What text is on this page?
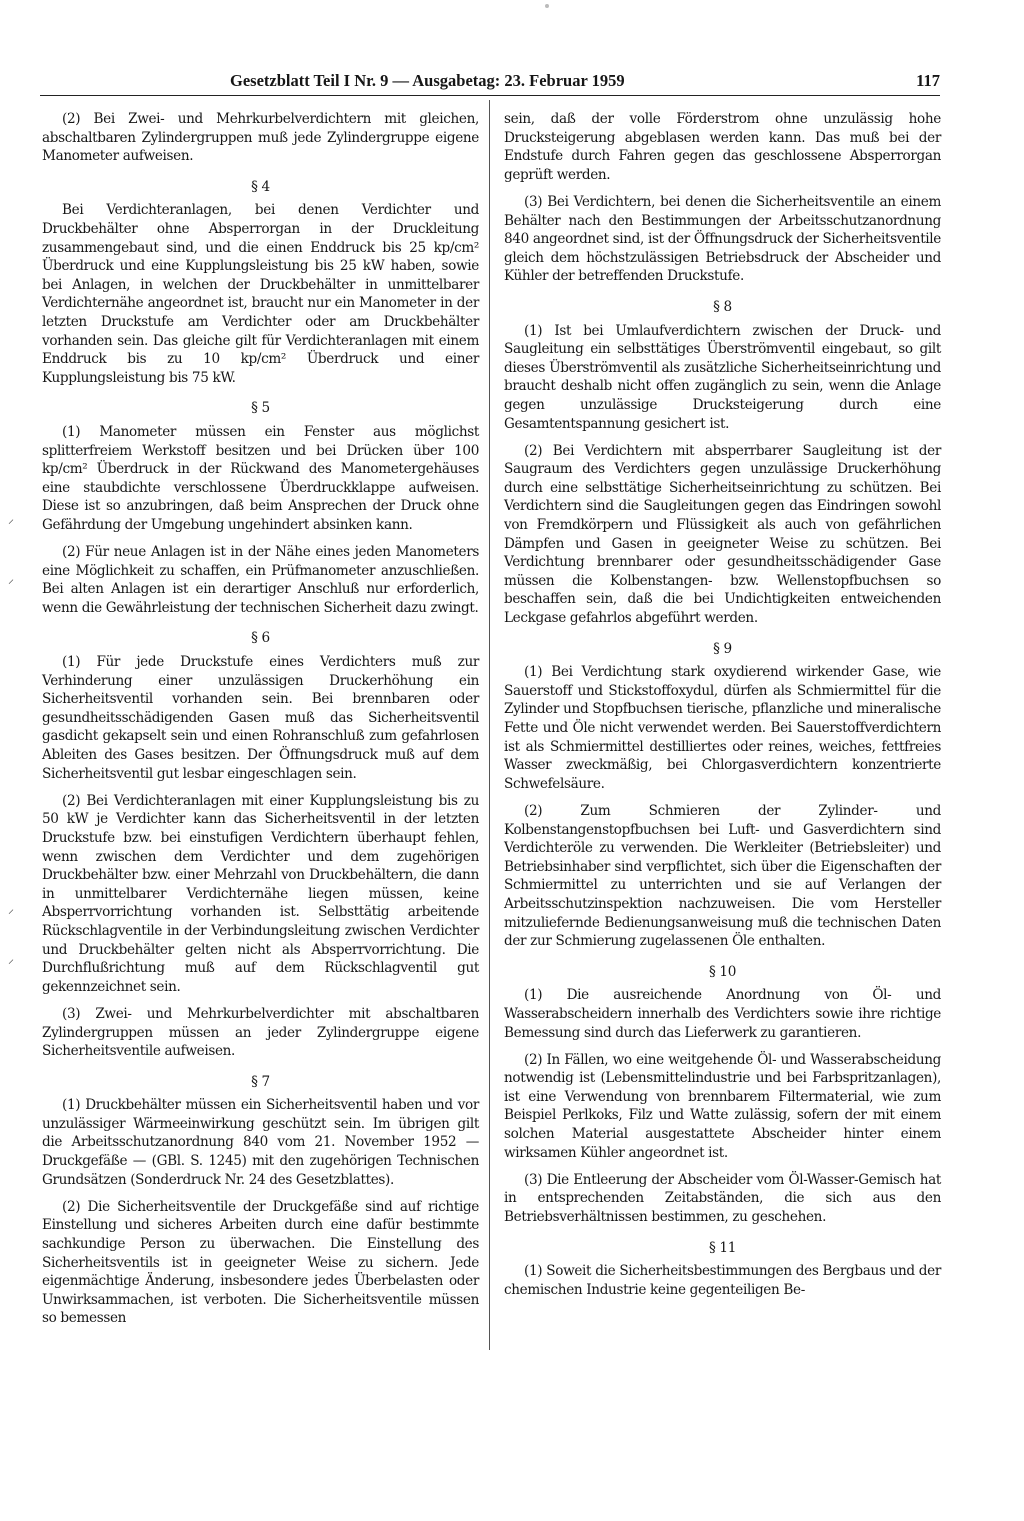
Gesetzblatt Teil I Nr. 9 — Ausgabetag: 23. Februar 1959	117
(2) Bei Zwei- und Mehrkurbelverdichtern mit gleichen, abschaltbaren Zylindergruppen muß jede Zylindergruppe eigene Manometer aufweisen.
§ 4
Bei Verdichteranlagen, bei denen Verdichter und Druckbehälter ohne Absperrorgan in der Druckleitung zusammengebaut sind, und die einen Enddruck bis 25 kp/cm² Überdruck und eine Kupplungsleistung bis 25 kW haben, sowie bei Anlagen, in welchen der Druckbehälter in unmittelbarer Verdichternähe angeordnet ist, braucht nur ein Manometer in der letzten Druckstufe am Verdichter oder am Druckbehälter vorhanden sein. Das gleiche gilt für Verdichteranlagen mit einem Enddruck bis zu 10 kp/cm² Überdruck und einer Kupplungsleistung bis 75 kW.
§ 5
(1) Manometer müssen ein Fenster aus möglichst splitterfreiem Werkstoff besitzen und bei Drücken über 100 kp/cm² Überdruck in der Rückwand des Manometergehäuses eine staubdichte verschlossene Überdruckklappe aufweisen. Diese ist so anzubringen, daß beim Ansprechen der Druck ohne Gefährdung der Umgebung ungehindert absinken kann.
(2) Für neue Anlagen ist in der Nähe eines jeden Manometers eine Möglichkeit zu schaffen, ein Prüfmanometer anzuschließen. Bei alten Anlagen ist ein derartiger Anschluß nur erforderlich, wenn die Gewährleistung der technischen Sicherheit dazu zwingt.
§ 6
(1) Für jede Druckstufe eines Verdichters muß zur Verhinderung einer unzulässigen Druckerhöhung ein Sicherheitsventil vorhanden sein. Bei brennbaren oder gesundheitsschädigenden Gasen muß das Sicherheitsventil gasdicht gekapselt sein und einen Rohranschluß zum gefahrlosen Ableiten des Gases besitzen. Der Öffnungsdruck muß auf dem Sicherheitsventil gut lesbar eingeschlagen sein.
(2) Bei Verdichteranlagen mit einer Kupplungsleistung bis zu 50 kW je Verdichter kann das Sicherheitsventil in der letzten Druckstufe bzw. bei einstufigen Verdichtern überhaupt fehlen, wenn zwischen dem Verdichter und dem zugehörigen Druckbehälter bzw. einer Mehrzahl von Druckbehältern, die dann in unmittelbarer Verdichternähe liegen müssen, keine Absperrvorrichtung vorhanden ist. Selbsttätig arbeitende Rückschlagventile in der Verbindungsleitung zwischen Verdichter und Druckbehälter gelten nicht als Absperrvorrichtung. Die Durchflußrichtung muß auf dem Rückschlagventil gut gekennzeichnet sein.
(3) Zwei- und Mehrkurbelverdichter mit abschaltbaren Zylindergruppen müssen an jeder Zylindergruppe eigene Sicherheitsventile aufweisen.
§ 7
(1) Druckbehälter müssen ein Sicherheitsventil haben und vor unzulässiger Wärmeeinwirkung geschützt sein. Im übrigen gilt die Arbeitsschutzanordnung 840 vom 21. November 1952 — Druckgefäße — (GBl. S. 1245) mit den zugehörigen Technischen Grundsätzen (Sonderdruck Nr. 24 des Gesetzblattes).
(2) Die Sicherheitsventile der Druckgefäße sind auf richtige Einstellung und sicheres Arbeiten durch eine dafür bestimmte sachkundige Person zu überwachen. Die Einstellung des Sicherheitsventils ist in geeigneter Weise zu sichern. Jede eigenmächtige Änderung, insbesondere jedes Überbelasten oder Unwirksammachen, ist verboten. Die Sicherheitsventile müssen so bemessen
sein, daß der volle Förderstrom ohne unzulässig hohe Drucksteigerung abgeblasen werden kann. Das muß bei der Endstufe durch Fahren gegen das geschlossene Absperrorgan geprüft werden.
(3) Bei Verdichtern, bei denen die Sicherheitsventile an einem Behälter nach den Bestimmungen der Arbeitsschutzanordnung 840 angeordnet sind, ist der Öffnungsdruck der Sicherheitsventile gleich dem höchstzulässigen Betriebsdruck der Abscheider und Kühler der betreffenden Druckstufe.
§ 8
(1) Ist bei Umlaufverdichtern zwischen der Druck- und Saugleitung ein selbsttätiges Überströmventil eingebaut, so gilt dieses Überströmventil als zusätzliche Sicherheitseinrichtung und braucht deshalb nicht offen zugänglich zu sein, wenn die Anlage gegen unzulässige Drucksteigerung durch eine Gesamtentspannung gesichert ist.
(2) Bei Verdichtern mit absperrbarer Saugleitung ist der Saugraum des Verdichters gegen unzulässige Druckerhöhung durch eine selbsttätige Sicherheitseinrichtung zu schützen. Bei Verdichtern sind die Saugleitungen gegen das Eindringen sowohl von Fremdkörpern und Flüssigkeit als auch von gefährlichen Dämpfen und Gasen in geeigneter Weise zu schützen. Bei Verdichtung brennbarer oder gesundheitsschädigender Gase müssen die Kolbenstangen- bzw. Wellenstopfbuchsen so beschaffen sein, daß die bei Undichtigkeiten entweichenden Leckgase gefahrlos abgeführt werden.
§ 9
(1) Bei Verdichtung stark oxydierend wirkender Gase, wie Sauerstoff und Stickstoffoxydul, dürfen als Schmiermittel für die Zylinder und Stopfbuchsen tierische, pflanzliche und mineralische Fette und Öle nicht verwendet werden. Bei Sauerstoffverdichtern ist als Schmiermittel destilliertes oder reines, weiches, fettfreies Wasser zweckmäßig, bei Chlorgasverdichtern konzentrierte Schwefelsäure.
(2) Zum Schmieren der Zylinder- und Kolbenstangenstopfbuchsen bei Luft- und Gasverdichtern sind Verdichteröle zu verwenden. Die Werkleiter (Betriebsleiter) und Betriebsinhaber sind verpflichtet, sich über die Eigenschaften der Schmiermittel zu unterrichten und sie auf Verlangen der Arbeitsschutzinspektion nachzuweisen. Die vom Hersteller mitzuliefernde Bedienungsanweisung muß die technischen Daten der zur Schmierung zugelassenen Öle enthalten.
§ 10
(1) Die ausreichende Anordnung von Öl- und Wasserabscheidern innerhalb des Verdichters sowie ihre richtige Bemessung sind durch das Lieferwerk zu garantieren.
(2) In Fällen, wo eine weitgehende Öl- und Wasserabscheidung notwendig ist (Lebensmittelindustrie und bei Farbspritzanlagen), ist eine Verwendung von brennbarem Filtermaterial, wie zum Beispiel Perlkoks, Filz und Watte zulässig, sofern der mit einem solchen Material ausgestattete Abscheider hinter einem wirksamen Kühler angeordnet ist.
(3) Die Entleerung der Abscheider vom Öl-Wasser-Gemisch hat in entsprechenden Zeitabständen, die sich aus den Betriebsverhältnissen bestimmen, zu geschehen.
§ 11
(1) Soweit die Sicherheitsbestimmungen des Bergbaus und der chemischen Industrie keine gegenteiligen Be-
⸍
⸍
⸍
⸍
